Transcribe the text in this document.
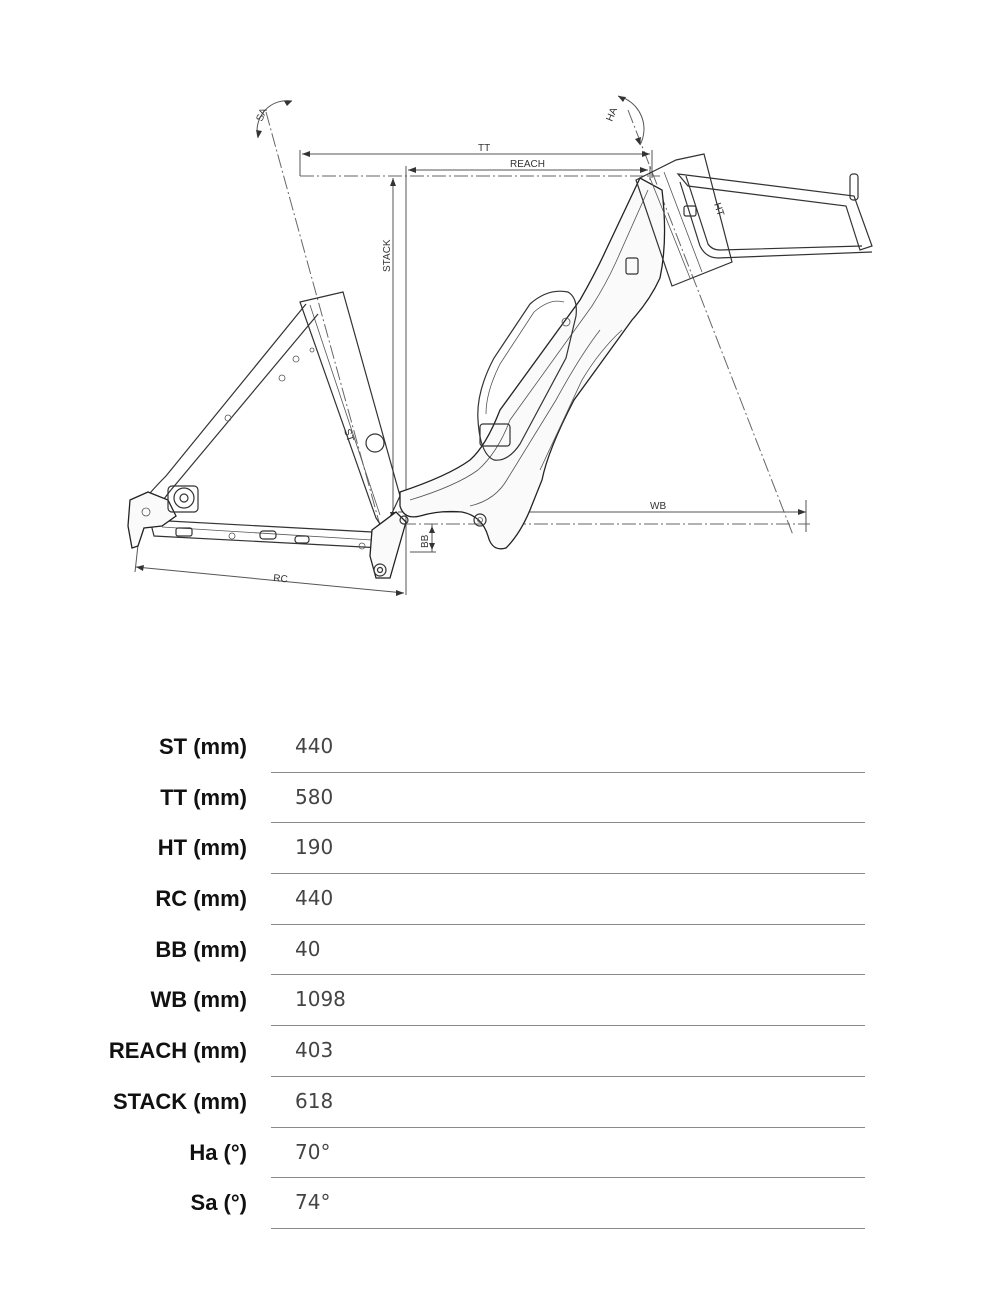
TT
REACH
STACK
WB
BB
RC
SA	HA
ST
HT
ST (mm) 440
TT (mm) 580
HT (mm) 190
RC (mm) 440
BB (mm) 40
WB (mm) 1098
REACH (mm) 403
STACK (mm) 618
Ha (°) 70°
Sa (°) 74°
